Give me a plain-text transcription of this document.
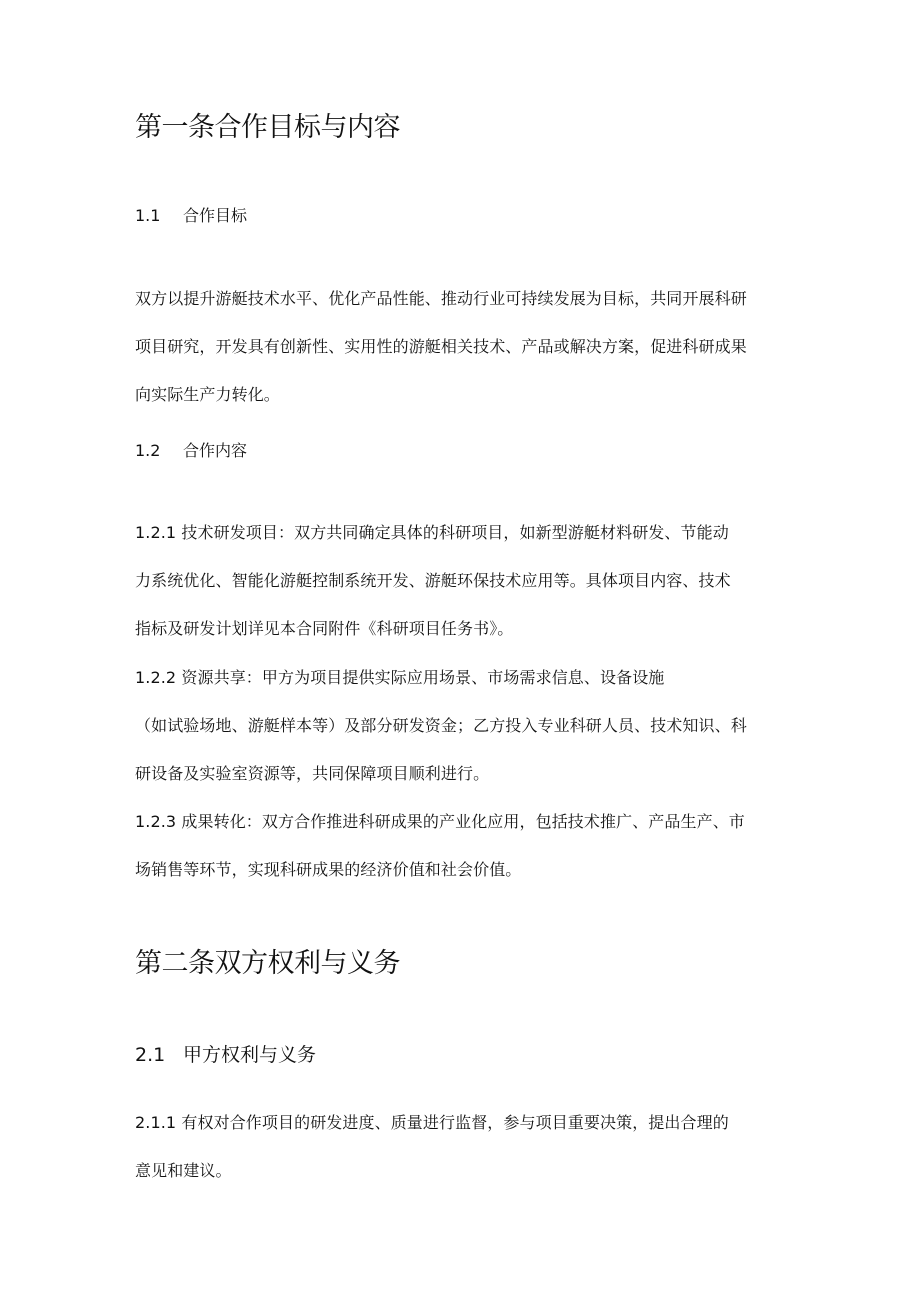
第一条合作目标与内容
1.1 合作目标
双方以提升游艇技术水平、优化产品性能、推动行业可持续发展为目标，共同开展科研
项目研究，开发具有创新性、实用性的游艇相关技术、产品或解决方案，促进科研成果
向实际生产力转化。
1.2 合作内容
1.2.1 技术研发项目：双方共同确定具体的科研项目，如新型游艇材料研发、节能动
力系统优化、智能化游艇控制系统开发、游艇环保技术应用等。具体项目内容、技术
指标及研发计划详见本合同附件《科研项目任务书》。
1.2.2 资源共享：甲方为项目提供实际应用场景、市场需求信息、设备设施
（如试验场地、游艇样本等）及部分研发资金；乙方投入专业科研人员、技术知识、科
研设备及实验室资源等，共同保障项目顺利进行。
1.2.3 成果转化：双方合作推进科研成果的产业化应用，包括技术推广、产品生产、市
场销售等环节，实现科研成果的经济价值和社会价值。
第二条双方权利与义务
2.1 甲方权利与义务
2.1.1 有权对合作项目的研发进度、质量进行监督，参与项目重要决策，提出合理的
意见和建议。
